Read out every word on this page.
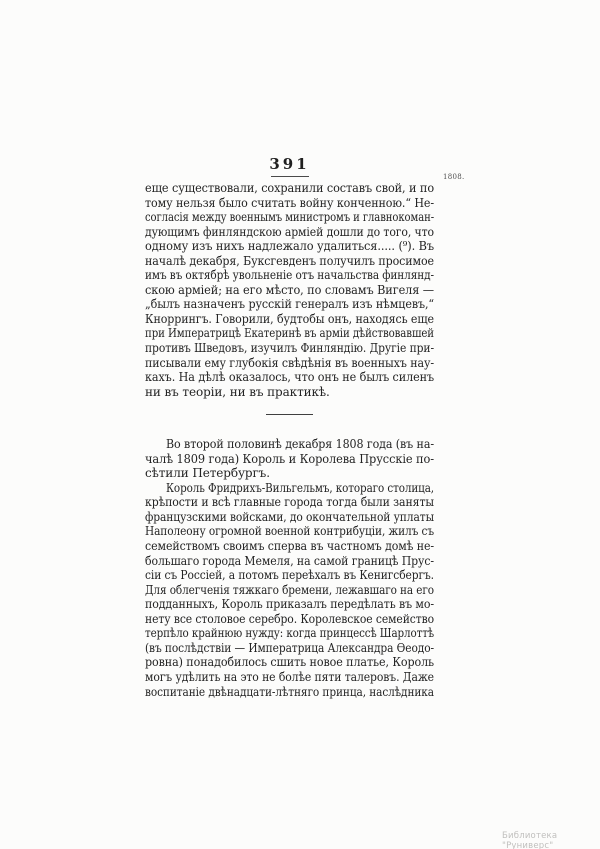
391
1808.
еще существовали, сохранили составъ свой, и по
тому нельзя было считать войну конченною.“ Не-
согласія между военнымъ министромъ и главнокоман-
дующимъ финляндскою арміей дошли до того, что
одному изъ нихъ надлежало удалиться..... (⁹). Въ
началѣ декабря, Буксгевденъ получилъ просимое
имъ въ октябрѣ увольненіе отъ начальства финлянд-
скою арміей; на его мѣсто, по словамъ Вигеля —
„былъ назначенъ русскій генералъ изъ нѣмцевъ,“
Кноррингъ. Говорили, будтобы онъ, находясь еще
при Императрицѣ Екатеринѣ въ арміи дѣйствовавшей
противъ Шведовъ, изучилъ Финляндію. Другіе при-
писывали ему глубокія свѣдѣнія въ военныхъ нау-
кахъ. На дѣлѣ оказалось, что онъ не былъ силенъ
ни въ теоріи, ни въ практикѣ.
Во второй половинѣ декабря 1808 года (въ на-
чалѣ 1809 года) Король и Королева Прусскіе по-
сѣтили Петербургъ.
Король Фридрихъ-Вильгельмъ, котораго столица,
крѣпости и всѣ главные города тогда были заняты
французскими войсками, до окончательной уплаты
Наполеону огромной военной контрибуціи, жилъ съ
семействомъ своимъ сперва въ частномъ домѣ не-
большаго города Мемеля, на самой границѣ Прус-
сіи съ Россіей, а потомъ переѣхалъ въ Кенигсбергъ.
Для облегченія тяжкаго бремени, лежавшаго на его
подданныхъ, Король приказалъ передѣлать въ мо-
нету все столовое серебро. Королевское семейство
терпѣло крайнюю нужду: когда принцессѣ Шарлоттѣ
(въ послѣдствіи — Императрица Александра Ѳеодо-
ровна) понадобилось сшить новое платье, Король
могъ удѣлить на это не болѣе пяти талеровъ. Даже
воспитаніе двѣнадцати-лѣтняго принца, наслѣдника
Библиотека "Руниверс"
